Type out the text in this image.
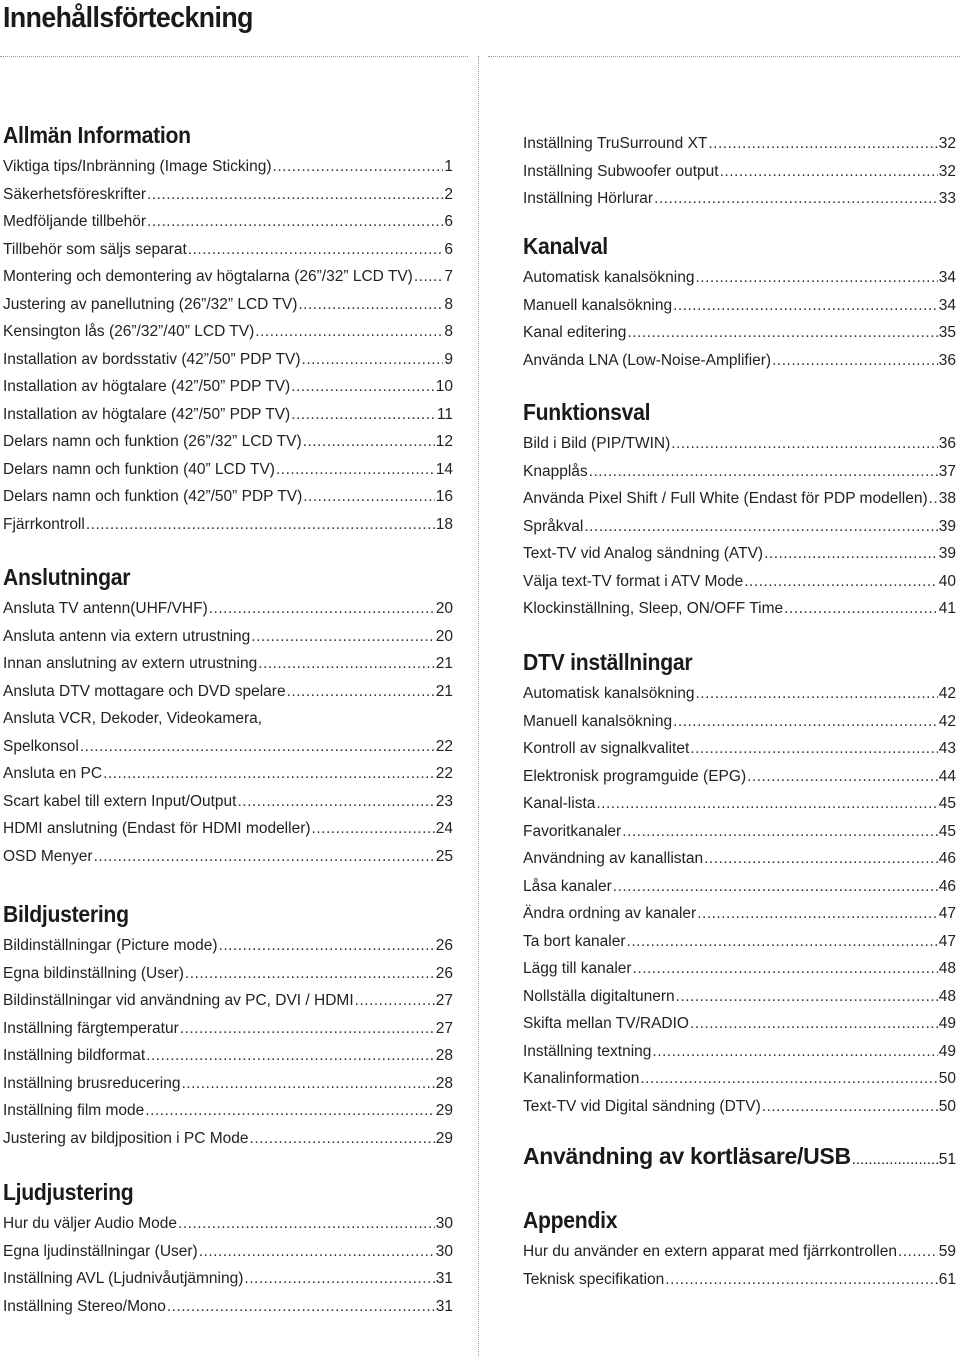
Innehållsförteckning
Allmän Information
Viktiga tips/Inbränning (Image Sticking) .....	1
Säkerhetsföreskrifter .....	2
Medföljande tillbehör .....	6
Tillbehör som säljs separat .....	6
Montering och demontering av högtalarna (26”/32” LCD TV) ..... 7
Justering av panellutning (26”/32” LCD TV) .....	8
Kensington lås (26”/32”/40” LCD TV) .....	8
Installation av bordsstativ (42”/50” PDP TV) .....	9
Installation av högtalare (42”/50” PDP TV) .....	10
Installation av högtalare (42”/50” PDP TV) .....	11
Delars namn och funktion (26”/32” LCD TV) .....	12
Delars namn och funktion (40” LCD TV) .....	14
Delars namn och funktion (42”/50” PDP TV) .....	16
Fjärrkontroll .....	18
Anslutningar
Ansluta TV antenn(UHF/VHF) .....	20
Ansluta antenn via extern utrustning .....	20
Innan anslutning av extern utrustning .....	21
Ansluta DTV mottagare och DVD spelare .....	21
Ansluta VCR, Dekoder, Videokamera,
Spelkonsol .....	22
Ansluta en PC .....	22
Scart kabel till extern Input/Output .....	23
HDMI anslutning (Endast för HDMI modeller) .....	24
OSD Menyer .....	25
Bildjustering
Bildinställningar (Picture mode) .....	26
Egna bildinställning (User) .....	26
Bildinställningar vid användning av PC, DVI / HDMI .....	27
Inställning färgtemperatur .....	27
Inställning bildformat .....	28
Inställning brusreducering .....	28
Inställning film mode .....	29
Justering av bildjposition i PC Mode .....	29
Ljudjustering
Hur du väljer Audio Mode .....	30
Egna ljudinställningar (User) .....	30
Inställning AVL (Ljudnivåutjämning) .....	31
Inställning Stereo/Mono .....	31
Inställning TruSurround XT .....	32
Inställning Subwoofer output .....	32
Inställning Hörlurar .....	33
Kanalval
Automatisk kanalsökning .....	34
Manuell kanalsökning .....	34
Kanal editering .....	35
Använda LNA (Low-Noise-Amplifier) .....	36
Funktionsval
Bild i Bild (PIP/TWIN) .....	36
Knapplås .....	37
Använda Pixel Shift / Full White (Endast för PDP modellen) ..... 38
Språkval .....	39
Text-TV vid Analog sändning (ATV) .....	39
Välja text-TV format i ATV Mode .....	40
Klockinställning, Sleep, ON/OFF Time .....	41
DTV inställningar
Automatisk kanalsökning .....	42
Manuell kanalsökning .....	42
Kontroll av signalkvalitet .....	43
Elektronisk programguide (EPG) .....	44
Kanal-lista .....	45
Favoritkanaler .....	45
Användning av kanallistan .....	46
Låsa kanaler .....	46
Ändra ordning av kanaler .....	47
Ta bort kanaler .....	47
Lägg till kanaler .....	48
Nollställa digitaltunern .....	48
Skifta mellan TV/RADIO .....	49
Inställning textning .....	49
Kanalinformation .....	50
Text-TV vid Digital sändning (DTV) .....	50
Användning av kortläsare/USB .....	51
Appendix
Hur du använder en extern apparat med fjärrkontrollen .....	59
Teknisk specifikation .....	61
